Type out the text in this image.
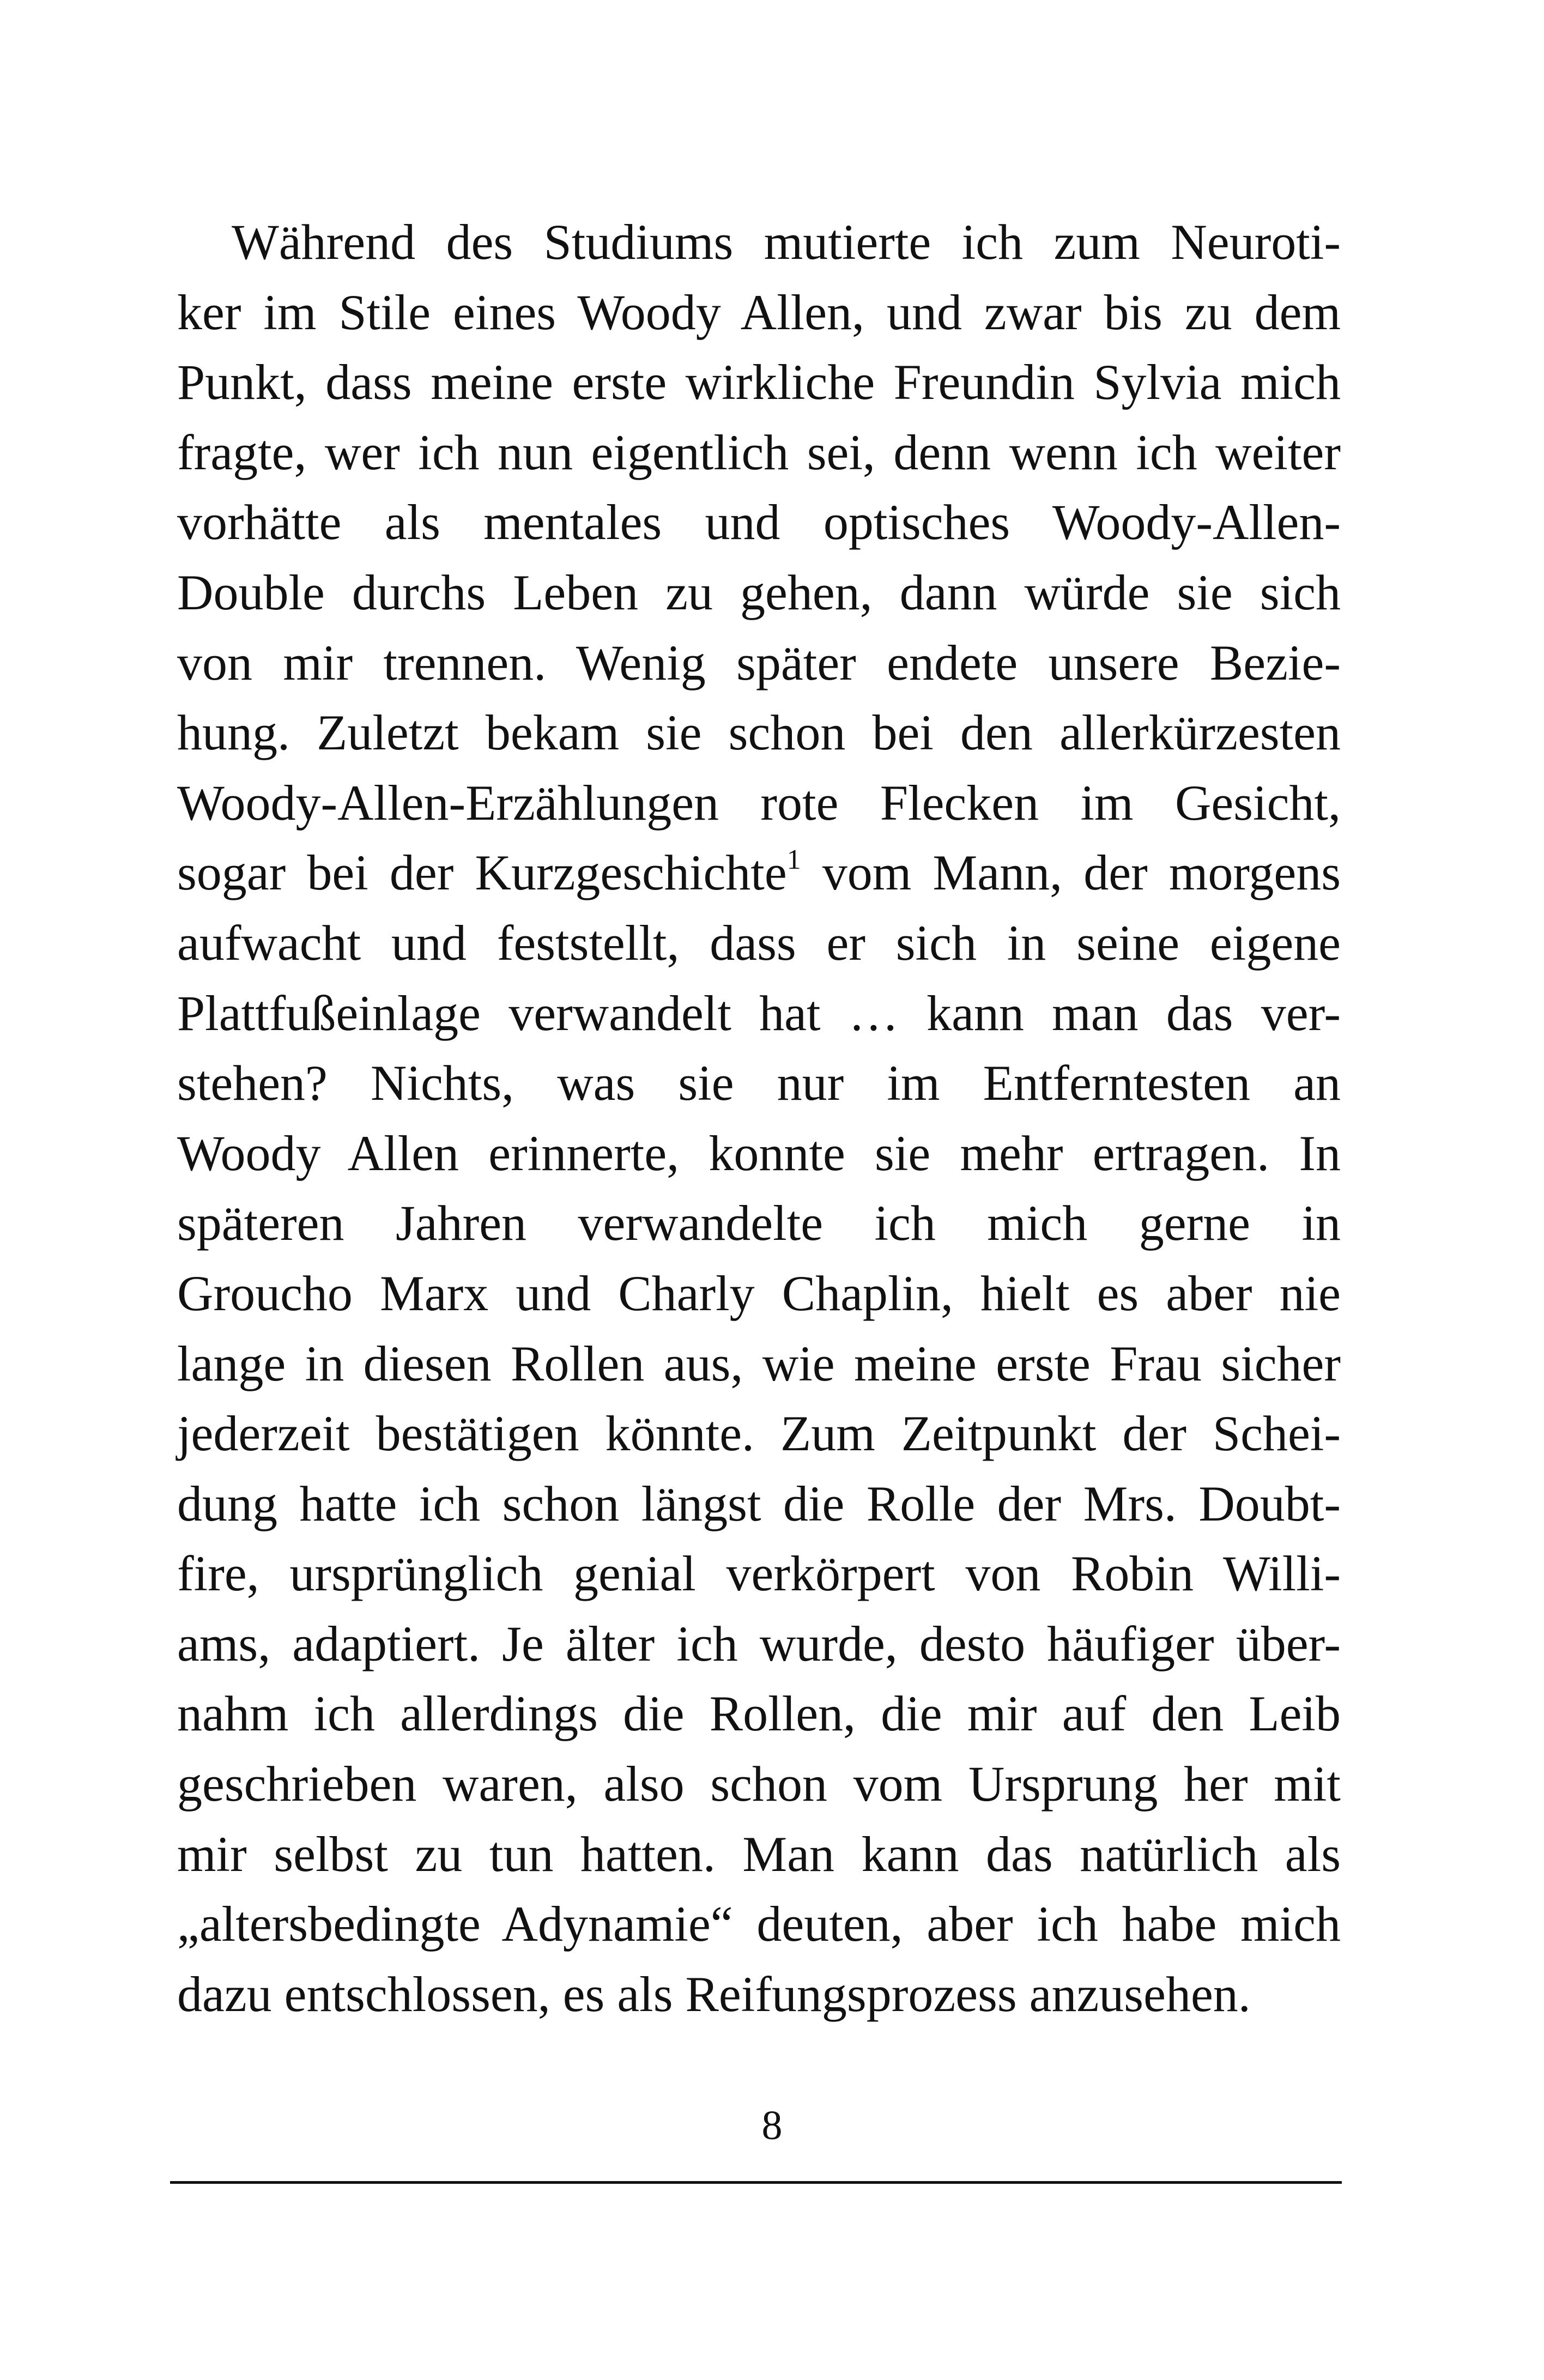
Während des Studiums mutierte ich zum Neuroti-
ker im Stile eines Woody Allen, und zwar bis zu dem
Punkt, dass meine erste wirkliche Freundin Sylvia mich
fragte, wer ich nun eigentlich sei, denn wenn ich weiter
vorhätte als mentales und optisches Woody-Allen-
Double durchs Leben zu gehen, dann würde sie sich
von mir trennen. Wenig später endete unsere Bezie-
hung. Zuletzt bekam sie schon bei den allerkürzesten
Woody-Allen-Erzählungen rote Flecken im Gesicht,
sogar bei der Kurzgeschichte$^1$ vom Mann, der morgens
aufwacht und feststellt, dass er sich in seine eigene
Plattfußeinlage verwandelt hat … kann man das ver-
stehen? Nichts, was sie nur im Entferntesten an
Woody Allen erinnerte, konnte sie mehr ertragen. In
späteren Jahren verwandelte ich mich gerne in
Groucho Marx und Charly Chaplin, hielt es aber nie
lange in diesen Rollen aus, wie meine erste Frau sicher
jederzeit bestätigen könnte. Zum Zeitpunkt der Schei-
dung hatte ich schon längst die Rolle der Mrs. Doubt-
fire, ursprünglich genial verkörpert von Robin Willi-
ams, adaptiert. Je älter ich wurde, desto häufiger über-
nahm ich allerdings die Rollen, die mir auf den Leib
geschrieben waren, also schon vom Ursprung her mit
mir selbst zu tun hatten. Man kann das natürlich als
„altersbedingte Adynamie“ deuten, aber ich habe mich
dazu entschlossen, es als Reifungsprozess anzusehen.
8
